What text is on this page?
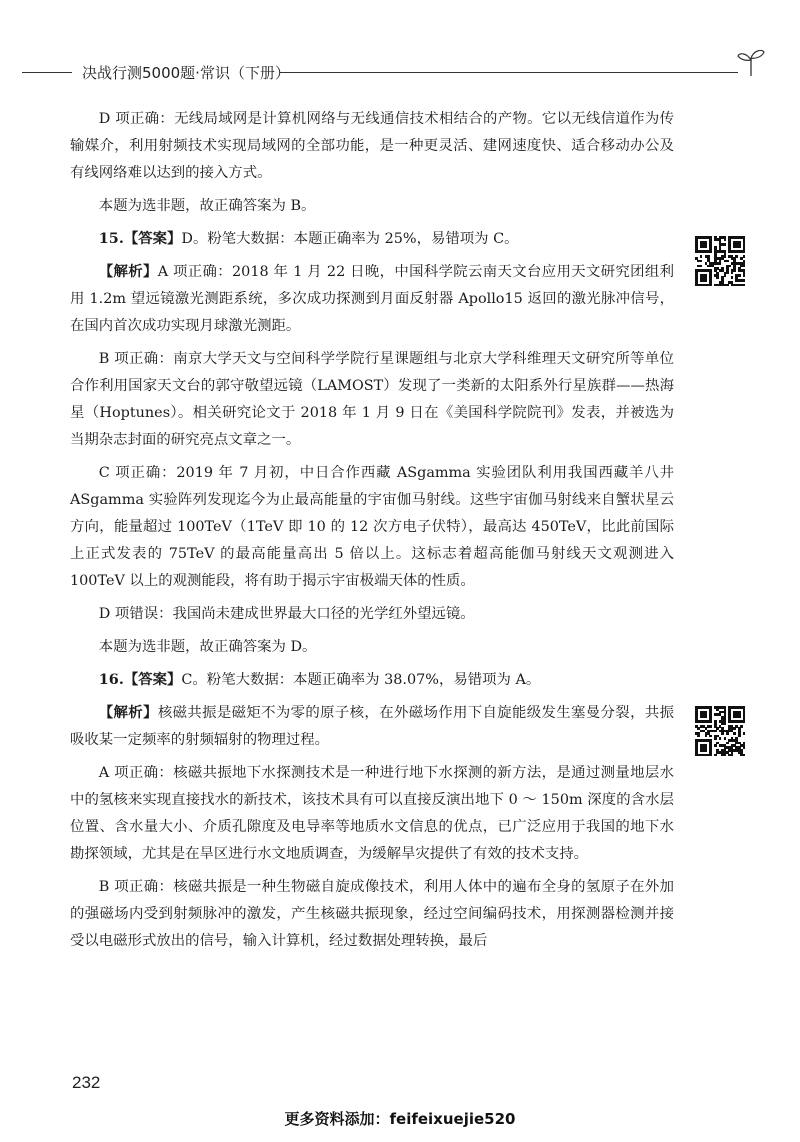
决战行测5000题·常识（下册）

D 项正确：无线局域网是计算机网络与无线通信技术相结合的产物。它以无线信道作为传输媒介，利用射频技术实现局域网的全部功能，是一种更灵活、建网速度快、适合移动办公及有线网络难以达到的接入方式。

本题为选非题，故正确答案为 B。

15.【答案】D。粉笔大数据：本题正确率为 25%，易错项为 C。

【解析】A 项正确：2018 年 1 月 22 日晚，中国科学院云南天文台应用天文研究团组利用 1.2m 望远镜激光测距系统，多次成功探测到月面反射器 Apollo15 返回的激光脉冲信号，在国内首次成功实现月球激光测距。

B 项正确：南京大学天文与空间科学学院行星课题组与北京大学科维理天文研究所等单位合作利用国家天文台的郭守敬望远镜（LAMOST）发现了一类新的太阳系外行星族群——热海星（Hoptunes）。相关研究论文于 2018 年 1 月 9 日在《美国科学院院刊》发表，并被选为当期杂志封面的研究亮点文章之一。

C 项正确：2019 年 7 月初，中日合作西藏 ASgamma 实验团队利用我国西藏羊八井 ASgamma 实验阵列发现迄今为止最高能量的宇宙伽马射线。这些宇宙伽马射线来自蟹状星云方向，能量超过 100TeV（1TeV 即 10 的 12 次方电子伏特），最高达 450TeV，比此前国际上正式发表的 75TeV 的最高能量高出 5 倍以上。这标志着超高能伽马射线天文观测进入 100TeV 以上的观测能段，将有助于揭示宇宙极端天体的性质。

D 项错误：我国尚未建成世界最大口径的光学红外望远镜。

本题为选非题，故正确答案为 D。

16.【答案】C。粉笔大数据：本题正确率为 38.07%，易错项为 A。

【解析】核磁共振是磁矩不为零的原子核，在外磁场作用下自旋能级发生塞曼分裂，共振吸收某一定频率的射频辐射的物理过程。

A 项正确：核磁共振地下水探测技术是一种进行地下水探测的新方法，是通过测量地层水中的氢核来实现直接找水的新技术，该技术具有可以直接反演出地下 0 ～ 150m 深度的含水层位置、含水量大小、介质孔隙度及电导率等地质水文信息的优点，已广泛应用于我国的地下水勘探领域，尤其是在旱区进行水文地质调查，为缓解旱灾提供了有效的技术支持。

B 项正确：核磁共振是一种生物磁自旋成像技术，利用人体中的遍布全身的氢原子在外加的强磁场内受到射频脉冲的激发，产生核磁共振现象，经过空间编码技术，用探测器检测并接受以电磁形式放出的信号，输入计算机，经过数据处理转换，最后

232
更多资料添加：feifeixuejie520
